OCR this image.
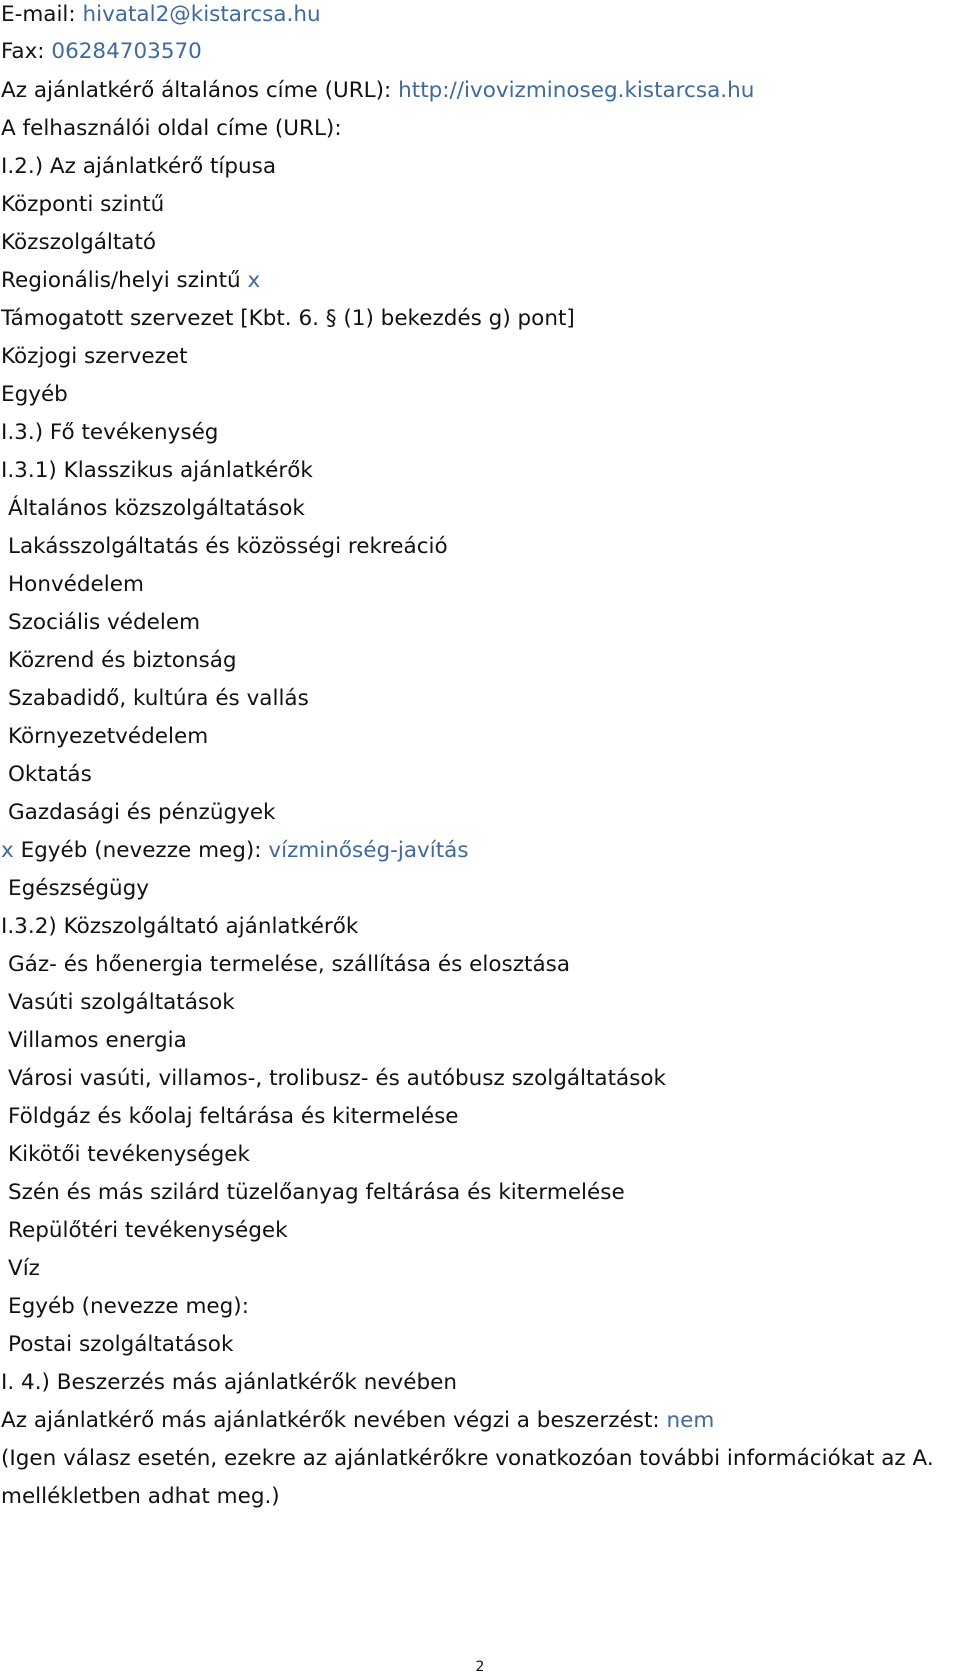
E-mail: hivatal2@kistarcsa.hu
Fax: 06284703570
Az ajánlatkérő általános címe (URL): http://ivovizminoseg.kistarcsa.hu
A felhasználói oldal címe (URL):
I.2.) Az ajánlatkérő típusa
Központi szintű
Közszolgáltató
Regionális/helyi szintű x
Támogatott szervezet [Kbt. 6. § (1) bekezdés g) pont]
Közjogi szervezet
Egyéb
I.3.) Fő tevékenység
I.3.1) Klasszikus ajánlatkérők
Általános közszolgáltatások
Lakásszolgáltatás és közösségi rekreáció
Honvédelem
Szociális védelem
Közrend és biztonság
Szabadidő, kultúra és vallás
Környezetvédelem
Oktatás
Gazdasági és pénzügyek
x Egyéb (nevezze meg): vízminőség-javítás
Egészségügy
I.3.2) Közszolgáltató ajánlatkérők
Gáz- és hőenergia termelése, szállítása és elosztása
Vasúti szolgáltatások
Villamos energia
Városi vasúti, villamos-, trolibusz- és autóbusz szolgáltatások
Földgáz és kőolaj feltárása és kitermelése
Kikötői tevékenységek
Szén és más szilárd tüzelőanyag feltárása és kitermelése
Repülőtéri tevékenységek
Víz
Egyéb (nevezze meg):
Postai szolgáltatások
I. 4.) Beszerzés más ajánlatkérők nevében
Az ajánlatkérő más ajánlatkérők nevében végzi a beszerzést: nem
(Igen válasz esetén, ezekre az ajánlatkérőkre vonatkozóan további információkat az A. mellékletben adhat meg.)
2
